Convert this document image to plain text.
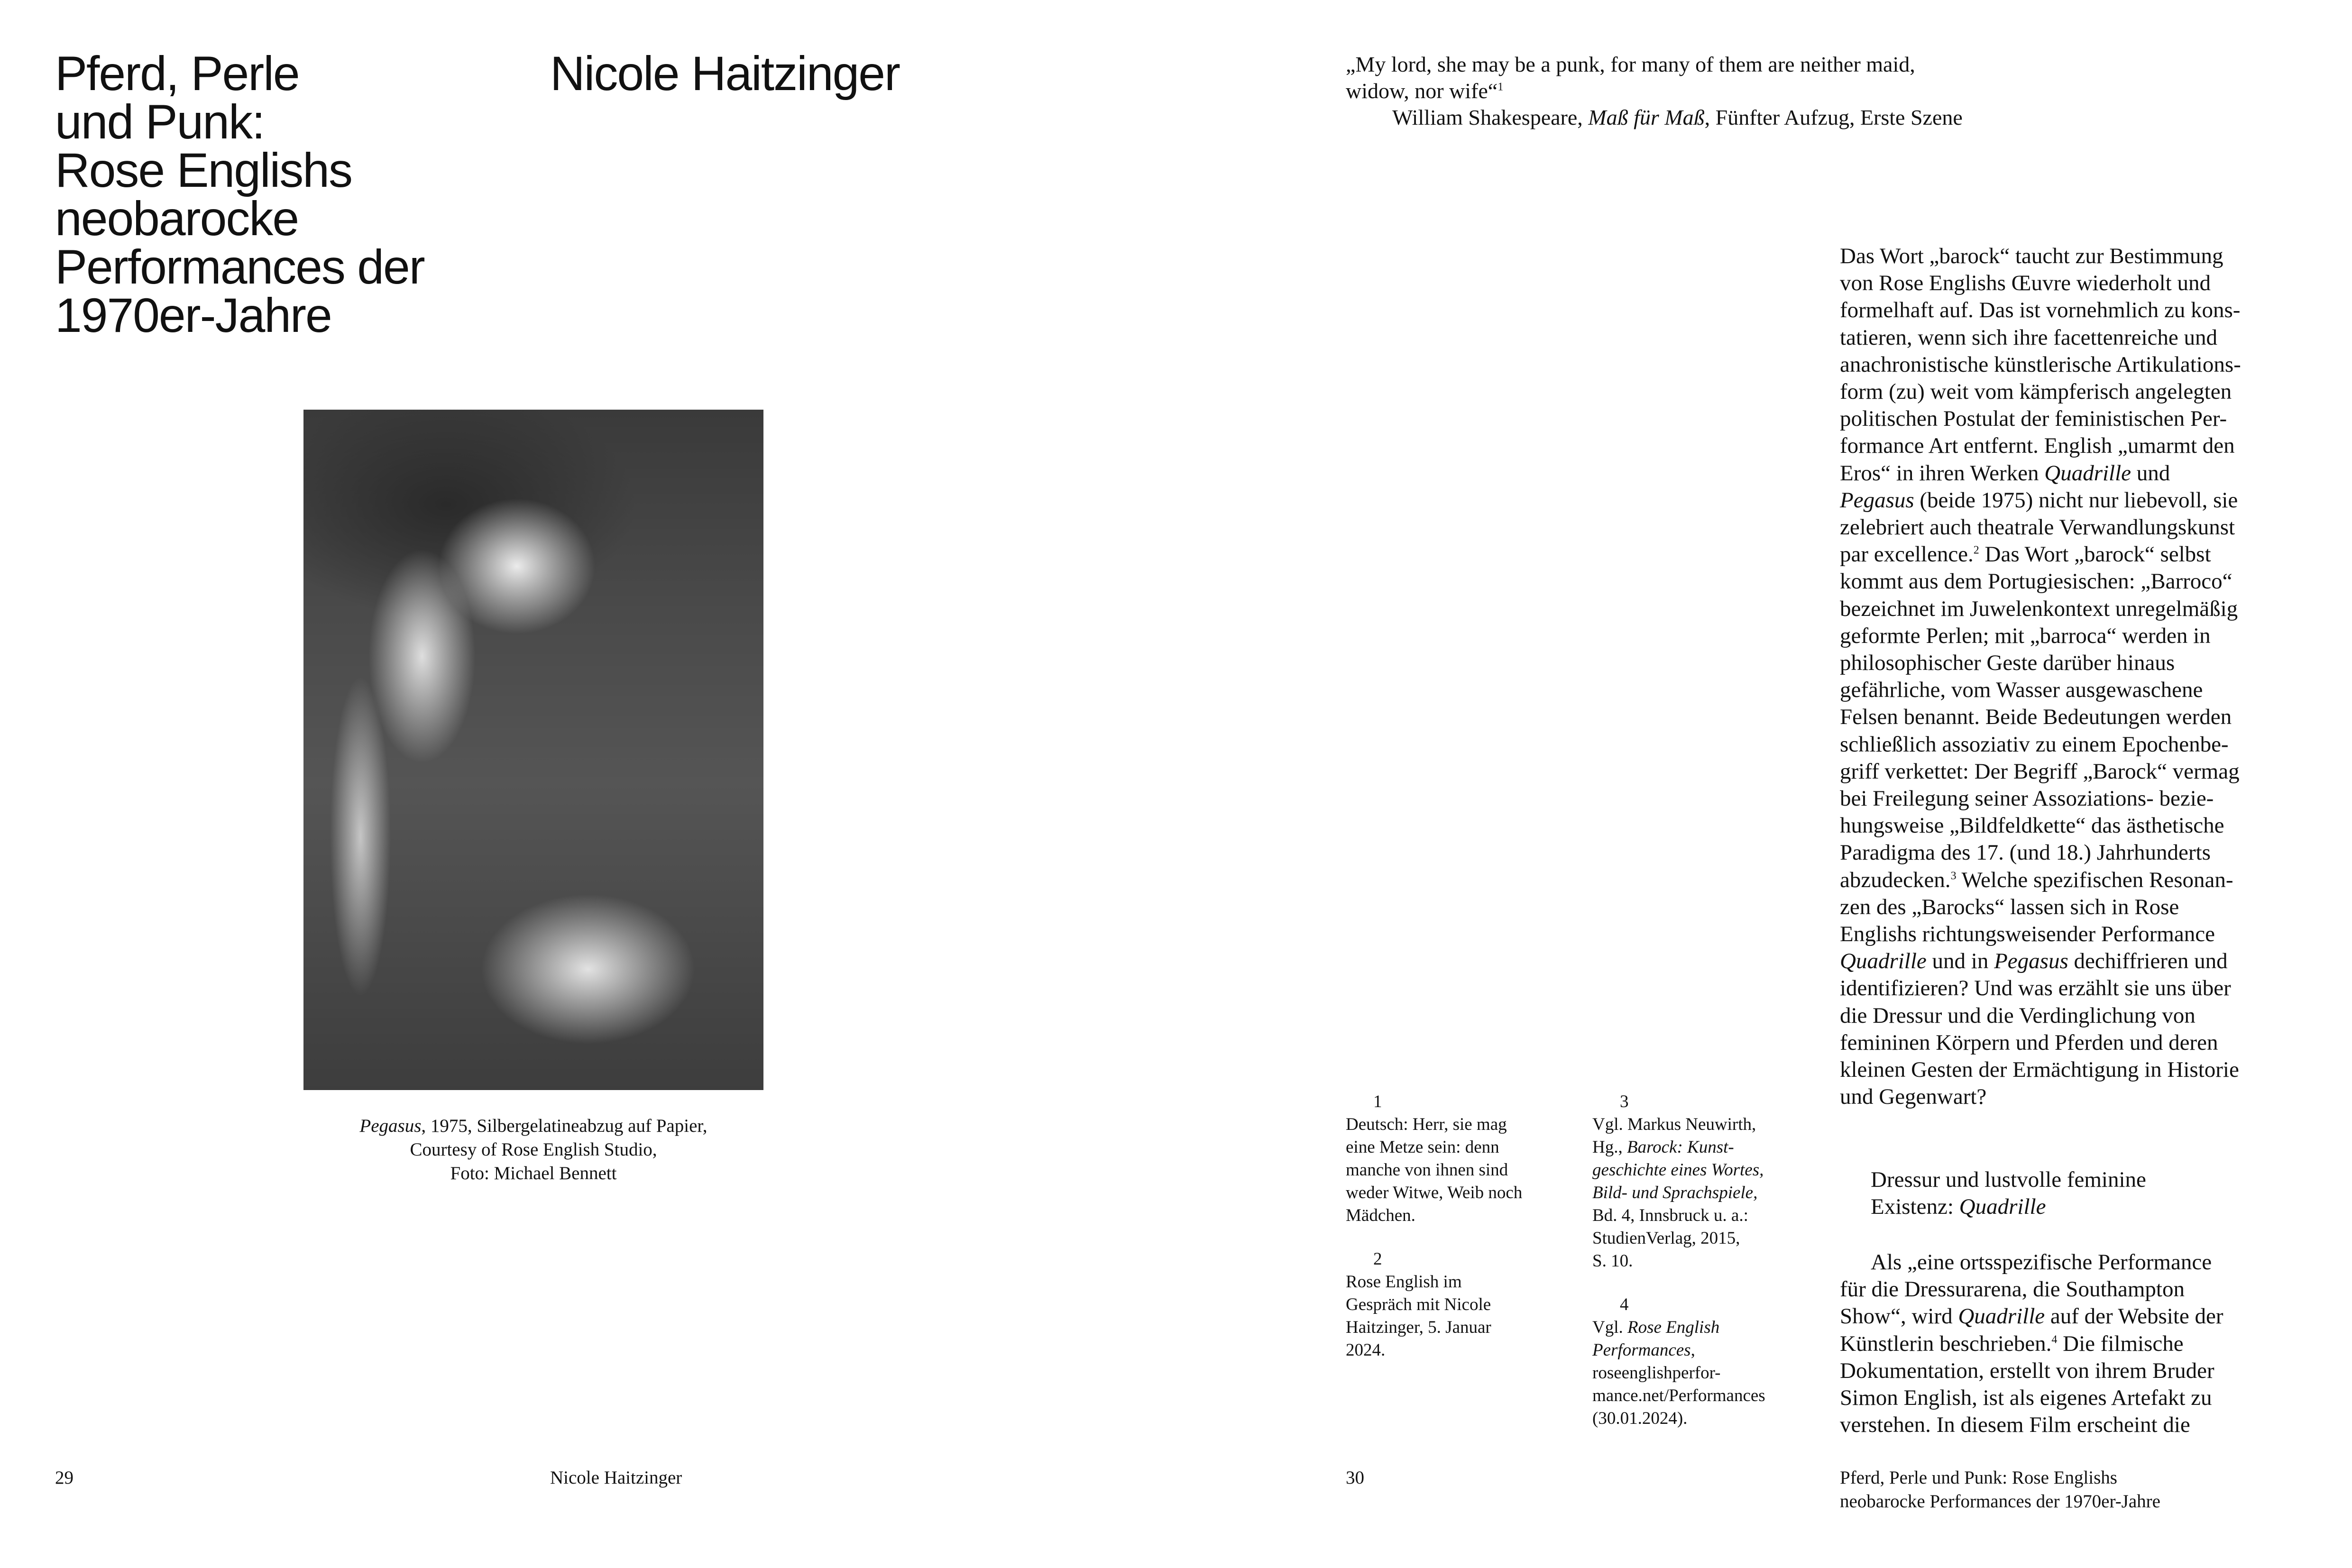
Pferd, Perle
und Punk:
Rose Englishs
neobarocke
Performances der
1970er-Jahre
Nicole Haitzinger
Pegasus, 1975, Silbergelatineabzug auf Papier,
Courtesy of Rose English Studio,
Foto: Michael Bennett
29	Nicole Haitzinger
„My lord, she may be a punk, for many of them are neither maid,
widow, nor wife“$^1$
William Shakespeare, Maß für Maß, Fünfter Aufzug, Erste Szene
Das Wort „barock“ taucht zur Bestimmung
von Rose Englishs Œuvre wiederholt und
formelhaft auf. Das ist vornehmlich zu kons-
tatieren, wenn sich ihre facettenreiche und
anachronistische künstlerische Artikulations-
form (zu) weit vom kämpferisch angelegten
politischen Postulat der feministischen Per-
formance Art entfernt. English „umarmt den
Eros“ in ihren Werken Quadrille und
Pegasus (beide 1975) nicht nur liebevoll, sie
zelebriert auch theatrale Verwandlungskunst
par excellence.$^2$ Das Wort „barock“ selbst
kommt aus dem Portugiesischen: „Barroco“
bezeichnet im Juwelenkontext unregelmäßig
geformte Perlen; mit „barroca“ werden in
philosophischer Geste darüber hinaus
gefährliche, vom Wasser ausgewaschene
Felsen benannt. Beide Bedeutungen werden
schließlich assoziativ zu einem Epochenbe-
griff verkettet: Der Begriff „Barock“ vermag
bei Freilegung seiner Assoziations- bezie-
hungsweise „Bildfeldkette“ das ästhetische
Paradigma des 17. (und 18.) Jahrhunderts
abzudecken.$^3$ Welche spezifischen Resonan-
zen des „Barocks“ lassen sich in Rose
Englishs richtungsweisender Performance
Quadrille und in Pegasus dechiffrieren und
identifizieren? Und was erzählt sie uns über
die Dressur und die Verdinglichung von
femininen Körpern und Pferden und deren
kleinen Gesten der Ermächtigung in Historie
und Gegenwart?
Dressur und lustvolle feminine
Existenz: Quadrille
Als „eine ortsspezifische Performance
für die Dressurarena, die Southampton
Show“, wird Quadrille auf der Website der
Künstlerin beschrieben.$^4$ Die filmische
Dokumentation, erstellt von ihrem Bruder
Simon English, ist als eigenes Artefakt zu
verstehen. In diesem Film erscheint die
1
Deutsch: Herr, sie mag
eine Metze sein: denn
manche von ihnen sind
weder Witwe, Weib noch
Mädchen.
2
Rose English im
Gespräch mit Nicole
Haitzinger, 5. Januar
2024.
3
Vgl. Markus Neuwirth,
Hg., Barock: Kunst-
geschichte eines Wortes,
Bild- und Sprachspiele,
Bd. 4, Innsbruck u. a.:
StudienVerlag, 2015,
S. 10.
4
Vgl. Rose English
Performances,
roseenglishperfor-
mance.net/Performances
(30.01.2024).
30	Pferd, Perle und Punk: Rose Englishs
neobarocke Performances der 1970er-Jahre
